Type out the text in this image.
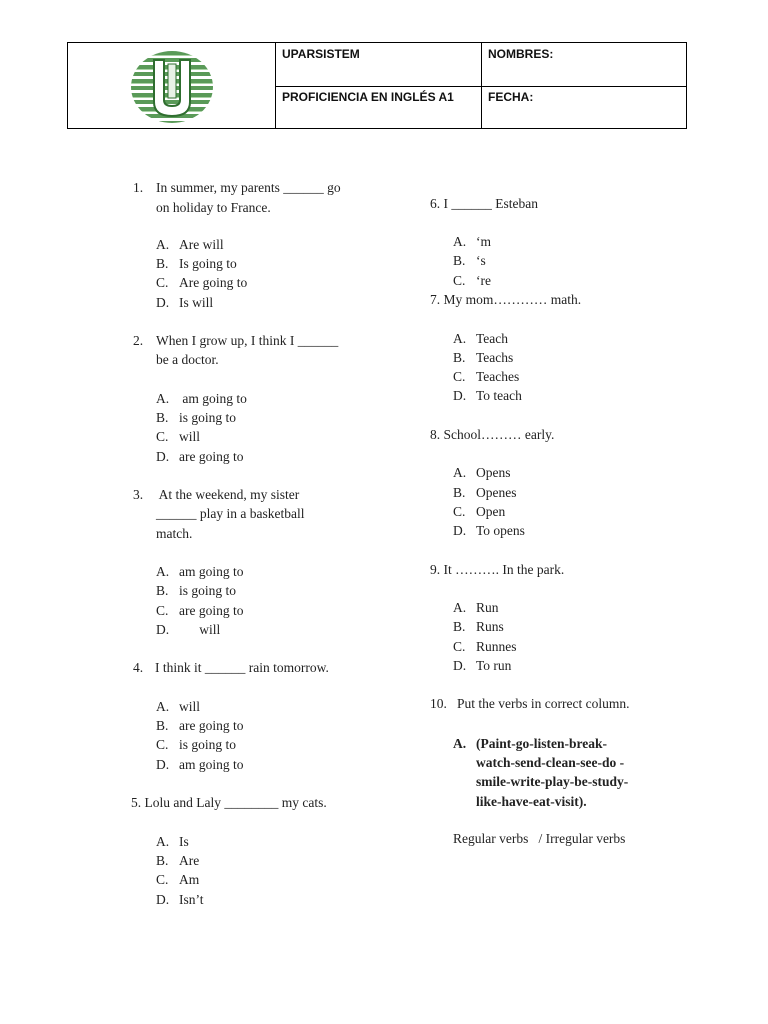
UPARSISTEM	NOMBRES:
PROFICIENCIA EN INGLÉS A1	FECHA:
1. In summer, my parents ______ go
on holiday to France.
A. Are will
B. Is going to
C. Are going to
D. Is will
2. When I grow up, I think I ______
be a doctor.
A. am going to
B. is going to
C. will
D. are going to
3. At the weekend, my sister
______ play in a basketball
match.
A. am going to
B. is going to
C. are going to
D.      will
4. I think it ______ rain tomorrow.
A. will
B. are going to
C. is going to
D. am going to
5. Lolu and Laly ________ my cats.
A. Is
B. Are
C. Am
D. Isn’t
6. I ______ Esteban
A. ‘m
B. ‘s
C. ‘re
7. My mom………… math.
A. Teach
B. Teachs
C. Teaches
D. To teach
8. School……… early.
A. Opens
B. Openes
C. Open
D. To opens
9. It ………. In the park.
A. Run
B. Runs
C. Runnes
D. To run
10. Put the verbs in correct column.
A. (Paint-go-listen-break-
watch-send-clean-see-do -
smile-write-play-be-study-
like-have-eat-visit).
Regular verbs   / Irregular verbs
